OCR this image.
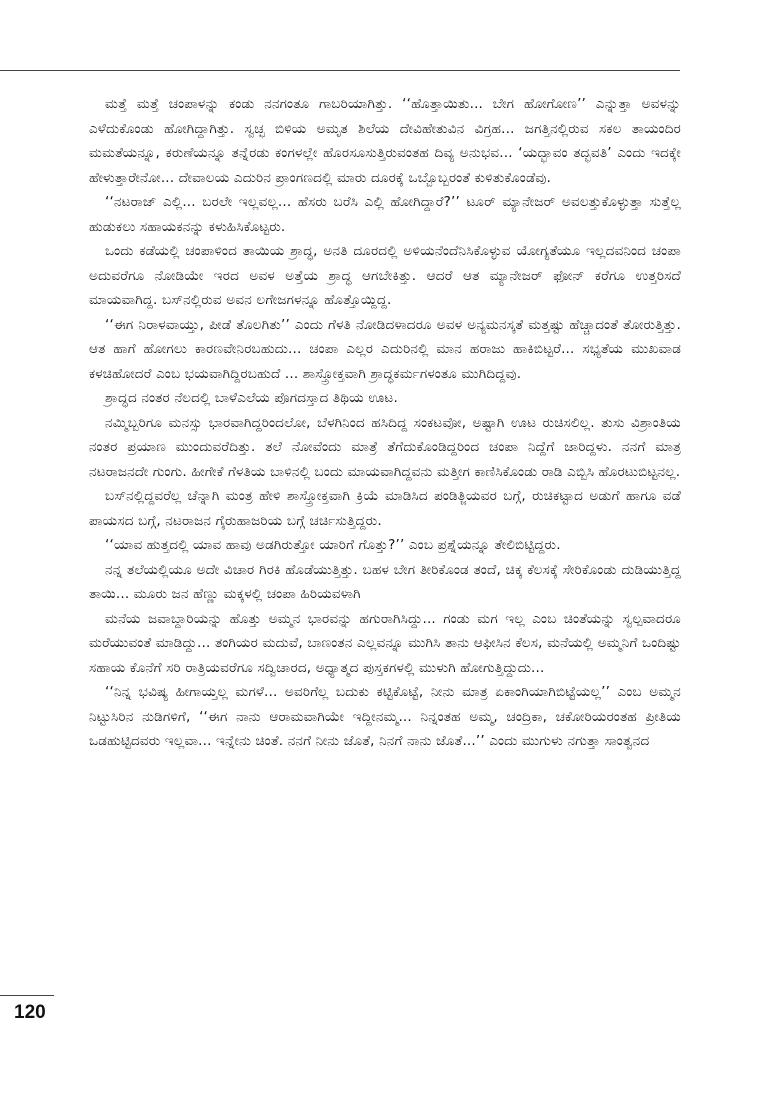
ಮತ್ತೆ ಮತ್ತೆ ಚಂಪಾಳನ್ನು ಕಂಡು ನನಗಂತೂ ಗಾಬರಿಯಾಗಿತ್ತು. ‘‘ಹೊತ್ತಾಯಿತು... ಬೇಗ ಹೋಗೋಣ’’ ಎನ್ನುತ್ತಾ ಅವಳನ್ನು ಎಳೆದುಕೊಂಡು ಹೋಗಿದ್ದಾಗಿತ್ತು. ಸ್ವಚ್ಛ ಬಿಳಿಯ ಅಮೃತ ಶಿಲೆಯ ದೇವಿಹೇತುವಿನ ವಿಗ್ರಹ... ಜಗತ್ತಿನಲ್ಲಿರುವ ಸಕಲ ತಾಯಂದಿರ ಮಮತೆಯನ್ನೂ, ಕರುಣೆಯನ್ನೂ ತನ್ನೆರಡು ಕಂಗಳಲ್ಲೇ ಹೊರಸೂಸುತ್ತಿರುವಂತಹ ದಿವ್ಯ ಅನುಭವ... ‘ಯದ್ಭಾವಂ ತದ್ಭವತಿ’ ಎಂದು ಇದಕ್ಕೇ ಹೇಳುತ್ತಾರೇನೋ... ದೇವಾಲಯ ಎದುರಿನ ಪ್ರಾಂಗಣದಲ್ಲಿ ಮಾರು ದೂರಕ್ಕೆ ಒಬ್ಬೊಬ್ಬರಂತೆ ಕುಳಿತುಕೊಂಡೆವು.

‘‘ನಟರಾಜ್ ಎಲ್ಲಿ... ಬರಲೇ ಇಲ್ಲವಲ್ಲ... ಹೆಸರು ಬರೆಸಿ ಎಲ್ಲಿ ಹೋಗಿದ್ದಾರೆ?’’ ಟೂರ್ ಮ್ಯಾನೇಜರ್ ಅವಲತ್ತುಕೊಳ್ಳುತ್ತಾ ಸುತ್ತೆಲ್ಲ ಹುಡುಕಲು ಸಹಾಯಕನನ್ನು ಕಳುಹಿಸಿಕೊಟ್ಟರು.

ಒಂದು ಕಡೆಯಲ್ಲಿ ಚಂಪಾಳಿಂದ ತಾಯಿಯ ಶ್ರಾದ್ಧ, ಅನತಿ ದೂರದಲ್ಲಿ ಅಳಿಯನೆಂದೆನಿಸಿಕೊಳ್ಳುವ ಯೋಗ್ಯತೆಯೂ ಇಲ್ಲದವನಿಂದ ಚಂಪಾ ಅದುವರೆಗೂ ನೋಡಿಯೇ ಇರದ ಅವಳ ಅತ್ತೆಯ ಶ್ರಾದ್ಧ ಆಗಬೇಕಿತ್ತು. ಆದರೆ ಆತ ಮ್ಯಾನೇಜರ್ ಫೋನ್ ಕರೆಗೂ ಉತ್ತರಿಸದೆ ಮಾಯವಾಗಿದ್ದ. ಬಸ್‌ನಲ್ಲಿರುವ ಅವನ ಲಗೇಜಗಳನ್ನೂ ಹೊತ್ತೊಯ್ದಿದ್ದ.

‘‘ಈಗ ನಿರಾಳವಾಯ್ತು, ಪೀಡೆ ತೊಲಗಿತು’’ ಎಂದು ಗೆಳತಿ ನೋಡಿದಳಾದರೂ ಅವಳ ಅನ್ಯಮನಸ್ಕತೆ ಮತ್ತಷ್ಟು ಹೆಚ್ಚಾದಂತೆ ತೋರುತ್ತಿತ್ತು. ಆತ ಹಾಗೆ ಹೋಗಲು ಕಾರಣವೇನಿರಬಹುದು... ಚಂಪಾ ಎಲ್ಲರ ಎದುರಿನಲ್ಲಿ ಮಾನ ಹರಾಜು ಹಾಕಿಬಿಟ್ಟರೆ... ಸಭ್ಯತೆಯ ಮುಖವಾಡ ಕಳಚಿಹೋದರೆ ಎಂಬ ಭಯವಾಗಿದ್ದಿರಬಹುದೆ ... ಶಾಸ್ತ್ರೋಕ್ತವಾಗಿ ಶ್ರಾದ್ಧಕರ್ಮಗಳಂತೂ ಮುಗಿದಿದ್ದವು.

ಶ್ರಾದ್ಧದ ನಂತರ ನೆಲದಲ್ಲಿ ಬಾಳೆಎಲೆಯ ಪೊಗದಸ್ತಾದ ತಿಥಿಯ ಊಟ.

ನಮ್ಮಿಬ್ಬರಿಗೂ ಮನಸ್ಸು ಭಾರವಾಗಿದ್ದರಿಂದಲೋ, ಬೆಳಗಿನಿಂದ ಹಸಿದಿದ್ದ ಸಂಕಟವೋ, ಅಷ್ಟಾಗಿ ಊಟ ರುಚಿಸಲಿಲ್ಲ. ತುಸು ವಿಶ್ರಾಂತಿಯ ನಂತರ ಪ್ರಯಾಣ ಮುಂದುವರೆದಿತ್ತು. ತಲೆ ನೋವೆಂದು ಮಾತ್ರೆ ತೆಗೆದುಕೊಂಡಿದ್ದರಿಂದ ಚಂಪಾ ನಿದ್ದೆಗೆ ಜಾರಿದ್ದಳು. ನನಗೆ ಮಾತ್ರ ನಟರಾಜನದೇ ಗುಂಗು. ಹೀಗೇಕೆ ಗೆಳತಿಯ ಬಾಳಿನಲ್ಲಿ ಬಂದು ಮಾಯವಾಗಿದ್ದವನು ಮತ್ತೀಗ ಕಾಣಿಸಿಕೊಂಡು ರಾಡಿ ಎಬ್ಬಿಸಿ ಹೊರಟುಬಿಟ್ಟನಲ್ಲ.

ಬಸ್‌ನಲ್ಲಿದ್ದವರೆಲ್ಲ ಚೆನ್ನಾಗಿ ಮಂತ್ರ ಹೇಳಿ ಶಾಸ್ತ್ರೋಕ್ತವಾಗಿ ಕ್ರಿಯೆ ಮಾಡಿಸಿದ ಪಂಡಿತ್ಜಿಯವರ ಬಗ್ಗೆ, ರುಚಿಕಟ್ಟಾದ ಅಡುಗೆ ಹಾಗೂ ವಡೆ ಪಾಯಸದ ಬಗ್ಗೆ, ನಟರಾಜನ ಗೈರುಹಾಜರಿಯ ಬಗ್ಗೆ ಚರ್ಚಿಸುತ್ತಿದ್ದರು.

‘‘ಯಾವ ಹುತ್ತದಲ್ಲಿ ಯಾವ ಹಾವು ಅಡಗಿರುತ್ತೋ ಯಾರಿಗೆ ಗೊತ್ತು?’’ ಎಂಬ ಪ್ರಶ್ನೆಯನ್ನೂ ತೇಲಿಬಿಟ್ಟಿದ್ದರು.

ನನ್ನ ತಲೆಯಲ್ಲಿಯೂ ಅದೇ ವಿಚಾರ ಗಿರಕಿ ಹೊಡೆಯುತ್ತಿತ್ತು. ಬಹಳ ಬೇಗ ತೀರಿಕೊಂಡ ತಂದೆ, ಚಿಕ್ಕ ಕೆಲಸಕ್ಕೆ ಸೇರಿಕೊಂಡು ದುಡಿಯುತ್ತಿದ್ದ ತಾಯಿ... ಮೂರು ಜನ ಹೆಣ್ಣು ಮಕ್ಕಳಲ್ಲಿ ಚಂಪಾ ಹಿರಿಯವಳಾಗಿ

ಮನೆಯ ಜವಾಬ್ದಾರಿಯನ್ನು ಹೊತ್ತು ಅಮ್ಮನ ಭಾರವನ್ನು ಹಗುರಾಗಿಸಿದ್ದು... ಗಂಡು ಮಗ ಇಲ್ಲ ಎಂಬ ಚಿಂತೆಯನ್ನು ಸ್ವಲ್ಪವಾದರೂ ಮರೆಯುವಂತೆ ಮಾಡಿದ್ದು... ತಂಗಿಯರ ಮದುವೆ, ಬಾಣಂತನ ಎಲ್ಲವನ್ನೂ ಮುಗಿಸಿ ತಾನು ಆಫೀಸಿನ ಕೆಲಸ, ಮನೆಯಲ್ಲಿ ಅಮ್ಮನಿಗೆ ಒಂದಿಷ್ಟು ಸಹಾಯ ಕೊನೆಗೆ ಸರಿ ರಾತ್ರಿಯವರೆಗೂ ಸದ್ವಿಚಾರದ, ಅಧ್ಯಾತ್ಮದ ಪುಸ್ತಕಗಳಲ್ಲಿ ಮುಳುಗಿ ಹೋಗುತ್ತಿದ್ದುದು...

‘‘ನಿನ್ನ ಭವಿಷ್ಯ ಹೀಗಾಯ್ತಲ್ಲ ಮಗಳೆ... ಅವರಿಗೆಲ್ಲ ಬದುಕು ಕಟ್ಟಿಕೊಟ್ಟೆ, ನೀನು ಮಾತ್ರ ಏಕಾಂಗಿಯಾಗಿಬಿಟ್ಟೆಯಲ್ಲ’’ ಎಂಬ ಅಮ್ಮನ ನಿಟ್ಟುಸಿರಿನ ನುಡಿಗಳಿಗೆ, ‘‘ಈಗ ನಾನು ಆರಾಮವಾಗಿಯೇ ಇದ್ದೀನಮ್ಮ... ನಿನ್ನಂತಹ ಅಮ್ಮ, ಚಂದ್ರಿಕಾ, ಚಕೋರಿಯರಂತಹ ಪ್ರೀತಿಯ ಒಡಹುಟ್ಟಿದವರು ಇಲ್ಲವಾ... ಇನ್ನೇನು ಚಿಂತೆ. ನನಗೆ ನೀನು ಜೊತೆ, ನಿನಗೆ ನಾನು ಜೊತೆ...’’ ಎಂದು ಮುಗುಳು ನಗುತ್ತಾ ಸಾಂತ್ವನದ

120
